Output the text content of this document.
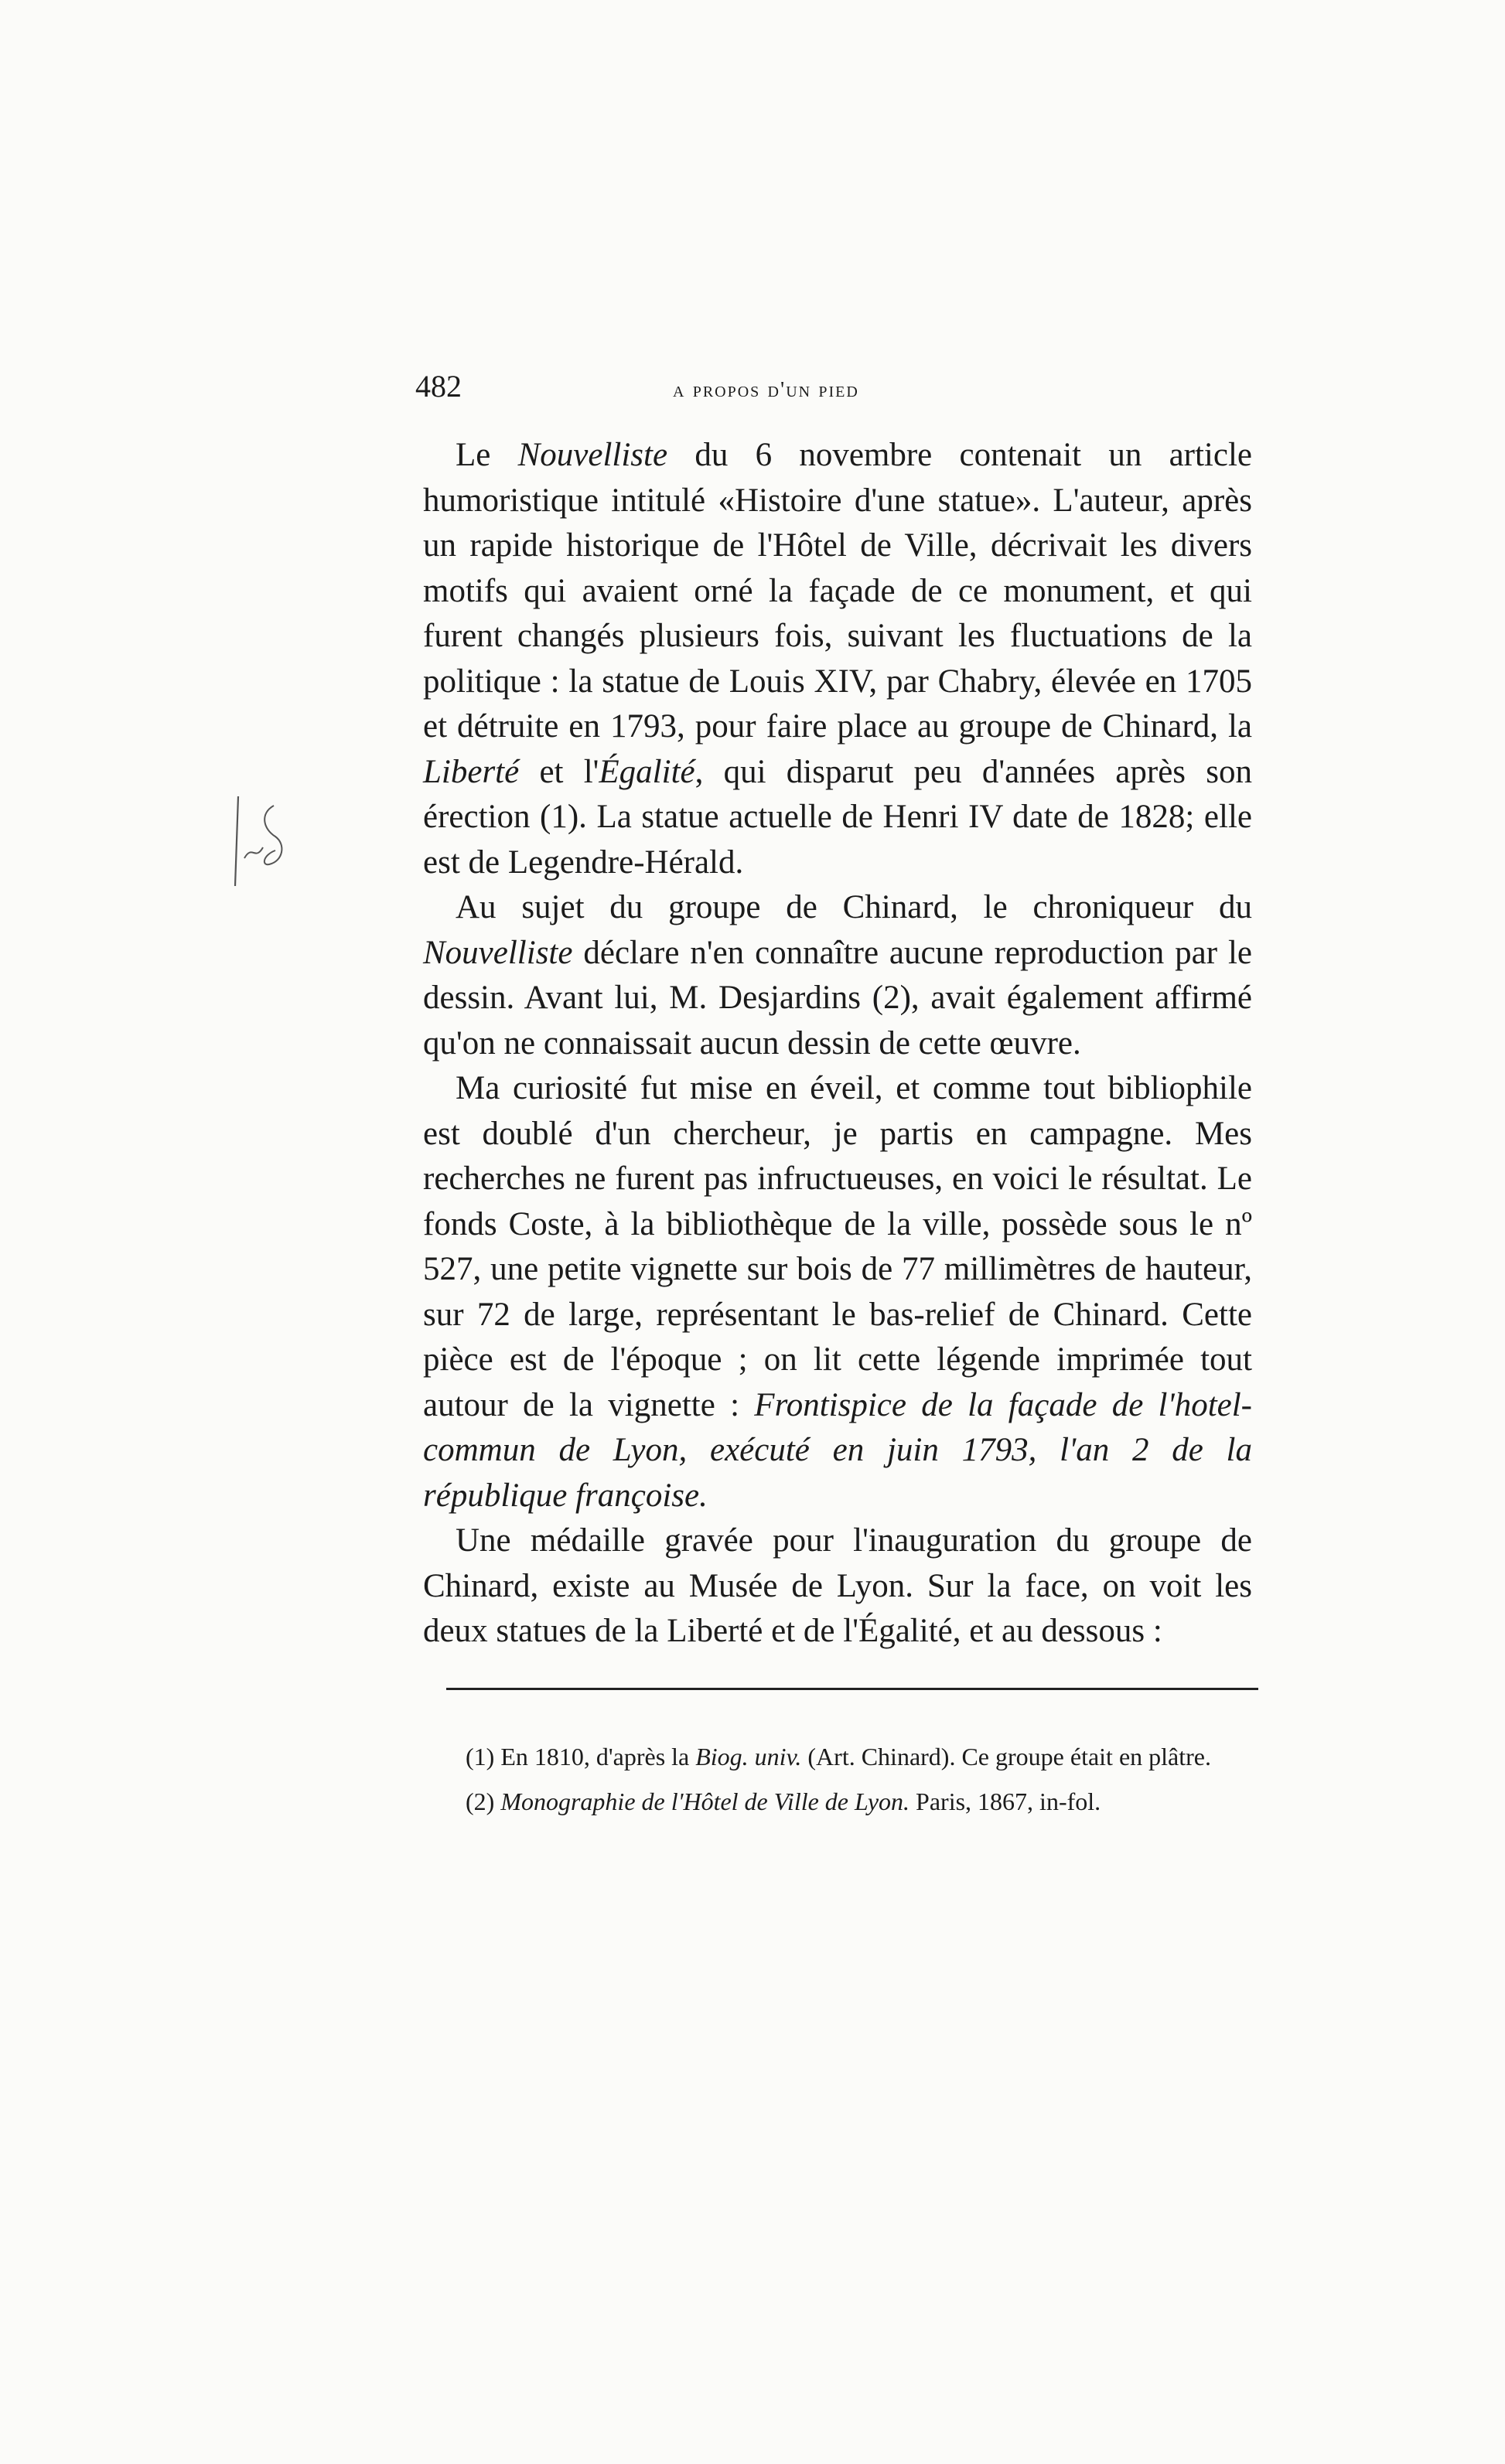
482	a propos d'un pied

Le Nouvelliste du 6 novembre contenait un article humoristique intitulé «Histoire d'une statue». L'auteur, après un rapide historique de l'Hôtel de Ville, décrivait les divers motifs qui avaient orné la façade de ce monument, et qui furent changés plusieurs fois, suivant les fluctuations de la politique : la statue de Louis XIV, par Chabry, élevée en 1705 et détruite en 1793, pour faire place au groupe de Chinard, la Liberté et l'Égalité, qui disparut peu d'années après son érection (1). La statue actuelle de Henri IV date de 1828; elle est de Legendre-Hérald.

Au sujet du groupe de Chinard, le chroniqueur du Nouvelliste déclare n'en connaître aucune reproduction par le dessin. Avant lui, M. Desjardins (2), avait également affirmé qu'on ne connaissait aucun dessin de cette œuvre.

Ma curiosité fut mise en éveil, et comme tout bibliophile est doublé d'un chercheur, je partis en campagne. Mes recherches ne furent pas infructueuses, en voici le résultat. Le fonds Coste, à la bibliothèque de la ville, possède sous le nº 527, une petite vignette sur bois de 77 millimètres de hauteur, sur 72 de large, représentant le bas-relief de Chinard. Cette pièce est de l'époque ; on lit cette légende imprimée tout autour de la vignette : Frontispice de la façade de l'hotel-commun de Lyon, exécuté en juin 1793, l'an 2 de la république françoise.

Une médaille gravée pour l'inauguration du groupe de Chinard, existe au Musée de Lyon. Sur la face, on voit les deux statues de la Liberté et de l'Égalité, et au dessous :

(1) En 1810, d'après la Biog. univ. (Art. Chinard). Ce groupe était en plâtre.

(2) Monographie de l'Hôtel de Ville de Lyon. Paris, 1867, in-fol.
